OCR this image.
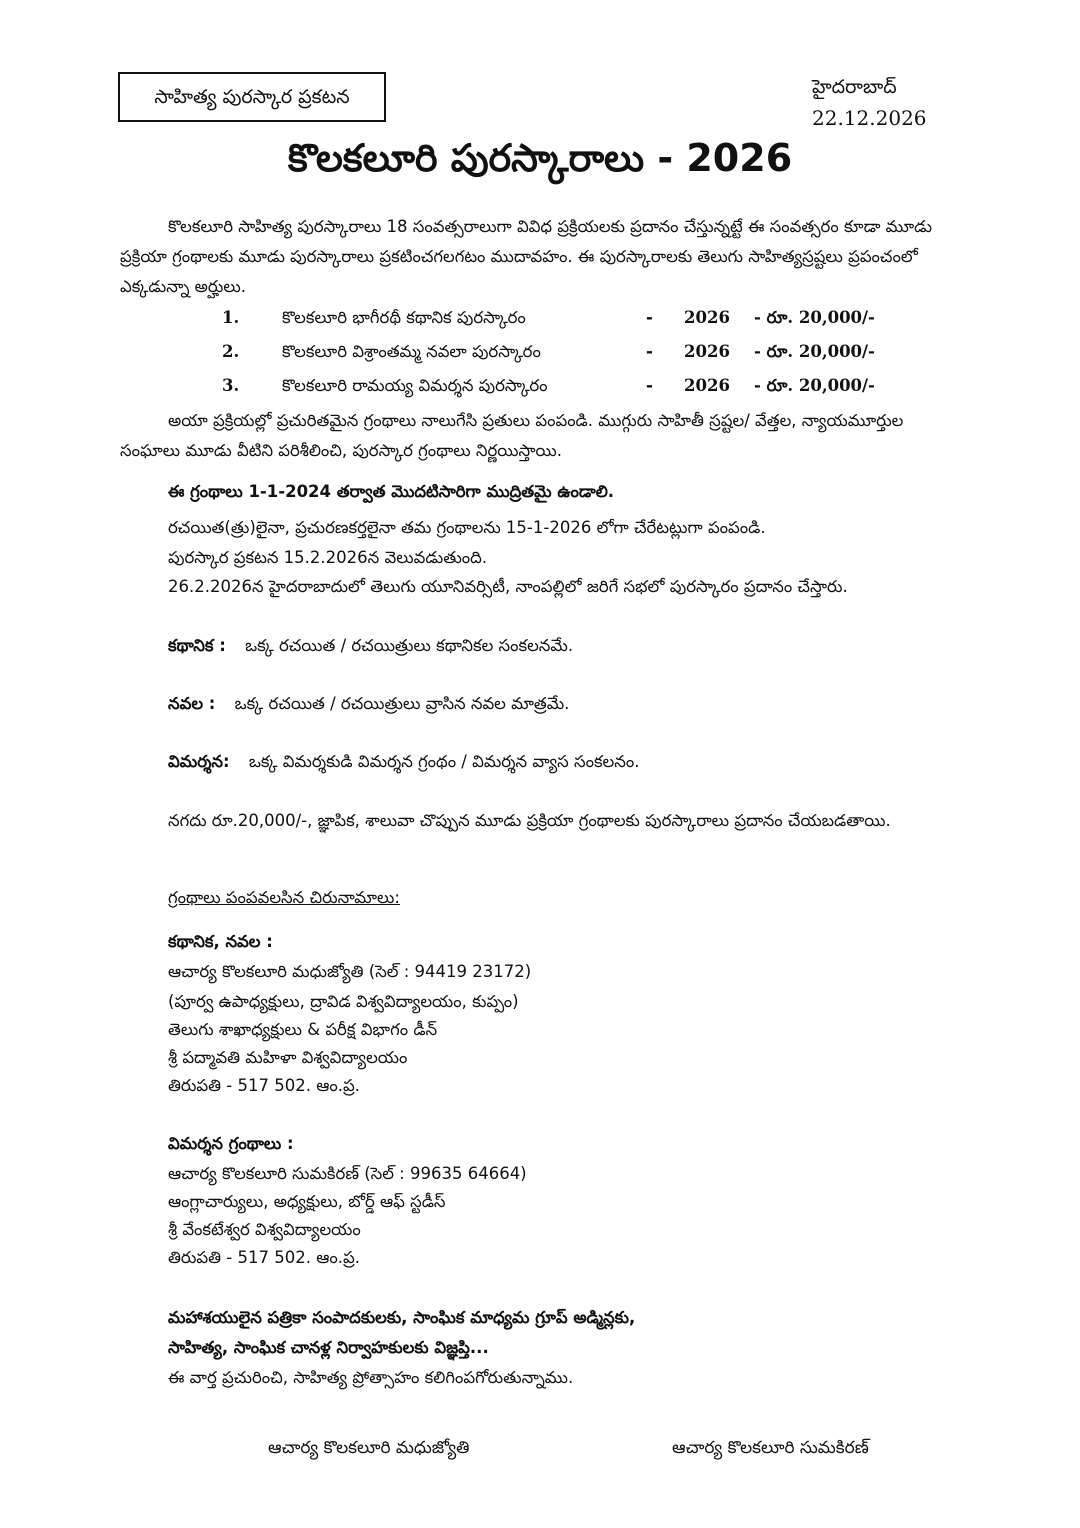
సాహిత్య పురస్కార ప్రకటన	హైదరాబాద్
22.12.2026
కొలకలూరి పురస్కారాలు - 2026
కొలకలూరి సాహిత్య పురస్కారాలు 18 సంవత్సరాలుగా వివిధ ప్రక్రియలకు ప్రదానం చేస్తున్నట్టే ఈ సంవత్సరం కూడా మూడు ప్రక్రియా గ్రంథాలకు మూడు పురస్కారాలు ప్రకటించగలగటం ముదావహం. ఈ పురస్కారాలకు తెలుగు సాహిత్యస్రష్టలు ప్రపంచంలో ఎక్కడున్నా అర్హులు.
1.	కొలకలూరి భాగీరథీ కథానిక పురస్కారం	- 2026 - రూ. 20,000/-
2.	కొలకలూరి విశ్రాంతమ్మ నవలా పురస్కారం	- 2026 - రూ. 20,000/-
3.	కొలకలూరి రామయ్య విమర్శన పురస్కారం	- 2026 - రూ. 20,000/-
అయా ప్రక్రియల్లో ప్రచురితమైన గ్రంథాలు నాలుగేసి ప్రతులు పంపండి. ముగ్గురు సాహితీ స్రష్టల/ వేత్తల, న్యాయమూర్తుల సంఘాలు మూడు వీటిని పరిశీలించి, పురస్కార గ్రంథాలు నిర్ణయిస్తాయి.
ఈ గ్రంథాలు 1-1-2024 తర్వాత మొదటిసారిగా ముద్రితమై ఉండాలి.
రచయిత(త్రు)లైనా, ప్రచురణకర్తలైనా తమ గ్రంథాలను 15-1-2026 లోగా చేరేటట్లుగా పంపండి.
పురస్కార ప్రకటన 15.2.2026న వెలువడుతుంది.
26.2.2026న హైదరాబాదులో తెలుగు యూనివర్సిటీ, నాంపల్లిలో జరిగే సభలో పురస్కారం ప్రదానం చేస్తారు.
కథానిక : ఒక్క రచయిత / రచయిత్రులు కథానికల సంకలనమే.
నవల : ఒక్క రచయిత / రచయిత్రులు వ్రాసిన నవల మాత్రమే.
విమర్శన: ఒక్క విమర్శకుడి విమర్శన గ్రంథం / విమర్శన వ్యాస సంకలనం.
నగదు రూ.20,000/-, జ్ఞాపిక, శాలువా చొప్పున మూడు ప్రక్రియా గ్రంథాలకు పురస్కారాలు ప్రదానం చేయబడతాయి.
గ్రంథాలు పంపవలసిన చిరునామాలు:
కథానిక, నవల :
ఆచార్య కొలకలూరి మధుజ్యోతి (సెల్ : 94419 23172)
(పూర్వ ఉపాధ్యక్షులు, ద్రావిడ విశ్వవిద్యాలయం, కుప్పం)
తెలుగు శాఖాధ్యక్షులు & పరీక్ష విభాగం డీన్
శ్రీ పద్మావతి మహిళా విశ్వవిద్యాలయం
తిరుపతి - 517 502. ఆం.ప్ర.
విమర్శన గ్రంథాలు :
ఆచార్య కొలకలూరి సుమకిరణ్ (సెల్ : 99635 64664)
ఆంగ్లాచార్యులు, అధ్యక్షులు, బోర్డ్ ఆఫ్ స్టడీస్
శ్రీ వేంకటేశ్వర విశ్వవిద్యాలయం
తిరుపతి - 517 502. ఆం.ప్ర.
మహాశయులైన పత్రికా సంపాదకులకు, సాంఘిక మాధ్యమ గ్రూప్ అడ్మిన్లకు,
సాహిత్య, సాంఘిక చానళ్ల నిర్వాహకులకు విజ్ఞప్తి...
ఈ వార్త ప్రచురించి, సాహిత్య ప్రోత్సాహం కలిగింపగోరుతున్నాము.
ఆచార్య కొలకలూరి మధుజ్యోతి	ఆచార్య కొలకలూరి సుమకిరణ్
